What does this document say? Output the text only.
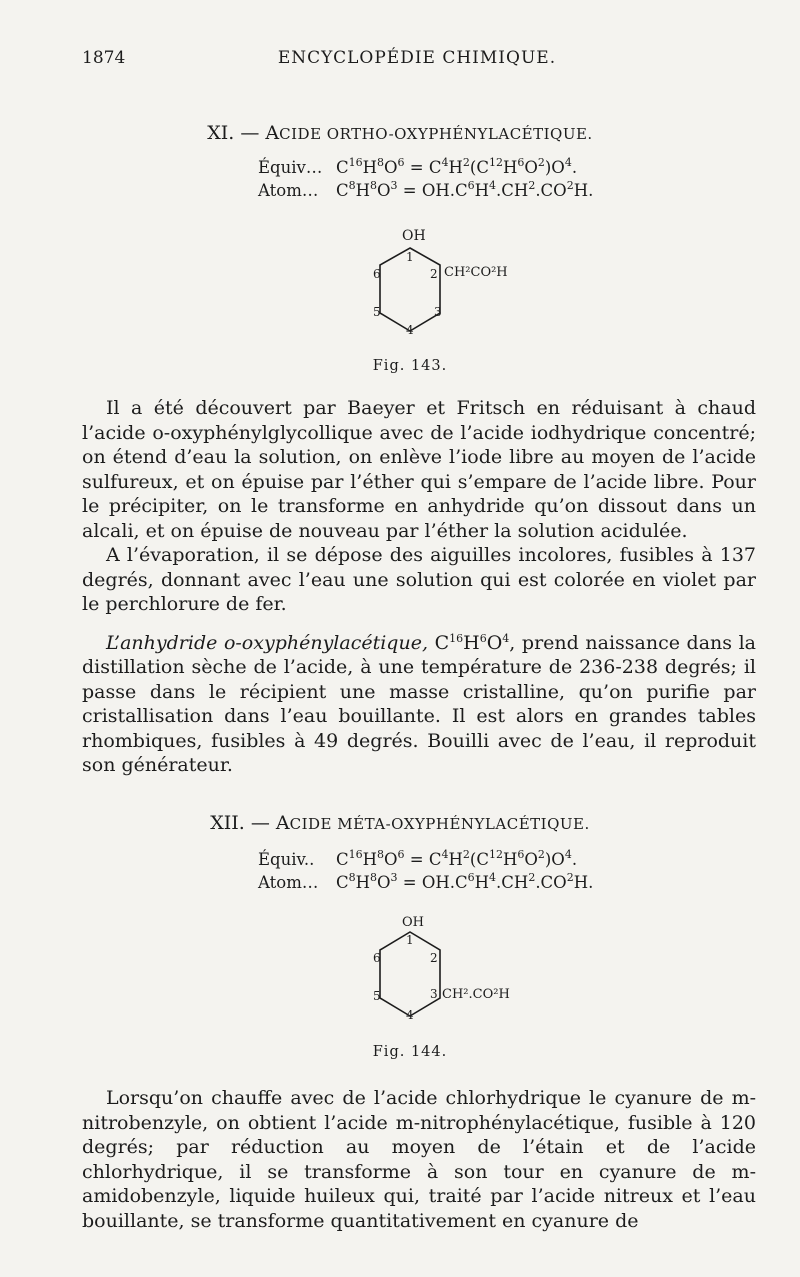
1874	ENCYCLOPÉDIE CHIMIQUE.
XI. — ACIDE ORTHO-OXYPHÉNYLACÉTIQUE.
Équiv… $C^{16}H^8O^6 = C^4H^2(C^{12}H^6O^2)O^4$.
Atom… $C^8H^8O^3 = OH.C^6H^4.CH^2.CO^2H$.
OH
1
2
3
4
5
6	CH²CO²H
Fig. 143.

Il a été découvert par Baeyer et Fritsch en réduisant à chaud l’acide o-oxyphénylglycollique avec de l’acide iodhydrique concentré; on étend d’eau la solution, on enlève l’iode libre au moyen de l’acide sulfureux, et on épuise par l’éther qui s’empare de l’acide libre. Pour le précipiter, on le transforme en anhydride qu’on dissout dans un alcali, et on épuise de nouveau par l’éther la solution acidulée.

A l’évaporation, il se dépose des aiguilles incolores, fusibles à 137 degrés, donnant avec l’eau une solution qui est colorée en violet par le perchlorure de fer.

L’anhydride o-oxyphénylacétique, $C^{16}H^6O^4$, prend naissance dans la distillation sèche de l’acide, à une température de 236-238 degrés; il passe dans le récipient une masse cristalline, qu’on purifie par cristallisation dans l’eau bouillante. Il est alors en grandes tables rhombiques, fusibles à 49 degrés. Bouilli avec de l’eau, il reproduit son générateur.

XII. — ACIDE MÉTA-OXYPHÉNYLACÉTIQUE.
Équiv.. $C^{16}H^8O^6 = C^4H^2(C^{12}H^6O^2)O^4$.
Atom… $C^8H^8O^3 = OH.C^6H^4.CH^2.CO^2H$.
OH
1
2
3
4
5
6
CH².CO²H
Fig. 144.

Lorsqu’on chauffe avec de l’acide chlorhydrique le cyanure de m-nitrobenzyle, on obtient l’acide m-nitrophénylacétique, fusible à 120 degrés; par réduction au moyen de l’étain et de l’acide chlorhydrique, il se transforme à son tour en cyanure de m-amidobenzyle, liquide huileux qui, traité par l’acide nitreux et l’eau bouillante, se transforme quantitativement en cyanure de
